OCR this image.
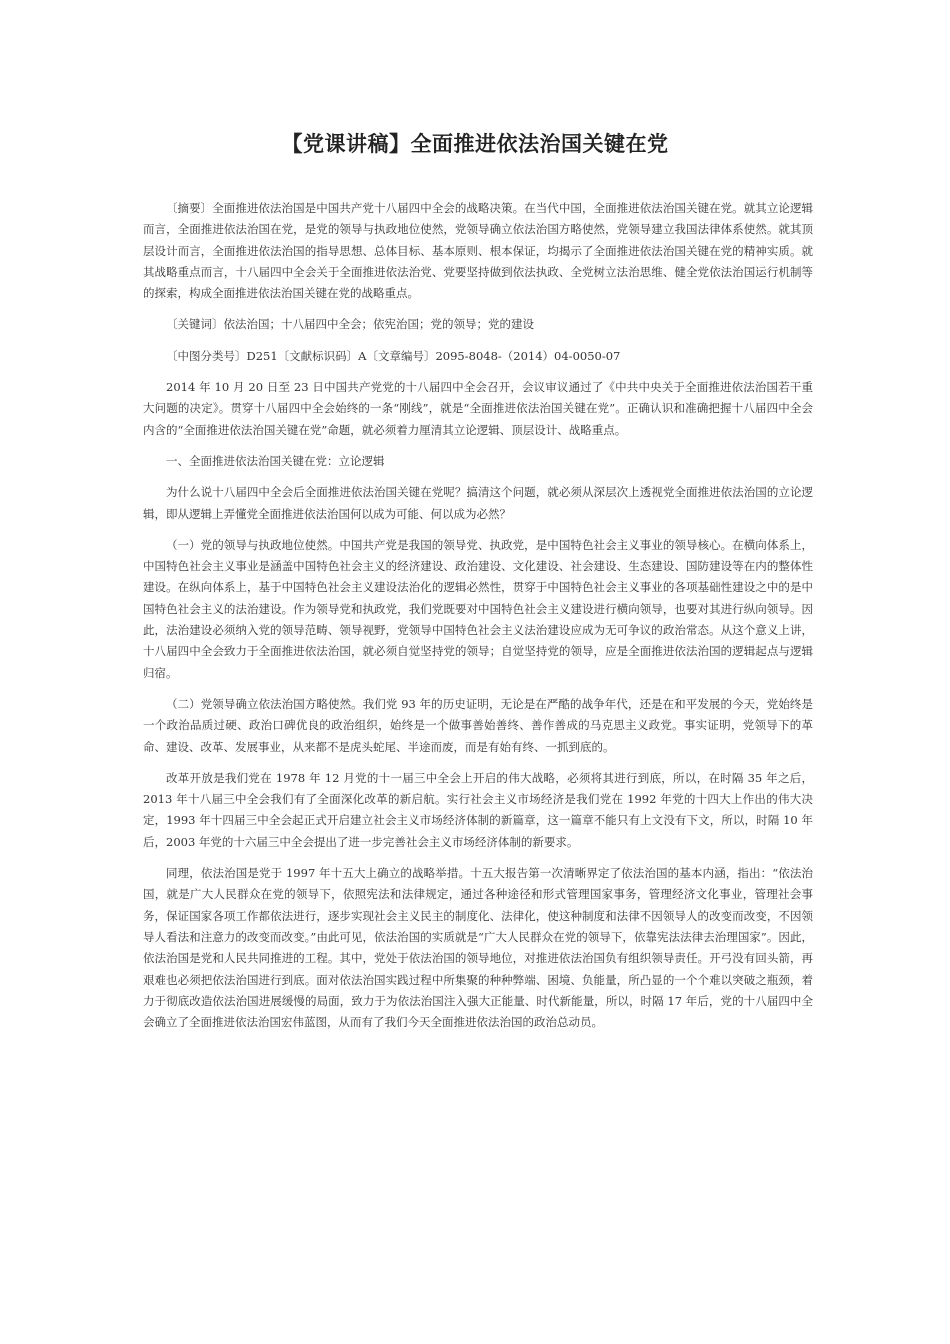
【党课讲稿】全面推进依法治国关键在党

〔摘要〕全面推进依法治国是中国共产党十八届四中全会的战略决策。在当代中国，全面推进依法治国关键在党。就其立论逻辑而言，全面推进依法治国在党，是党的领导与执政地位使然，党领导确立依法治国方略使然，党领导建立我国法律体系使然。就其顶层设计而言，全面推进依法治国的指导思想、总体目标、基本原则、根本保证，均揭示了全面推进依法治国关键在党的精神实质。就其战略重点而言，十八届四中全会关于全面推进依法治党、党要坚持做到依法执政、全党树立法治思维、健全党依法治国运行机制等的探索，构成全面推进依法治国关键在党的战略重点。

〔关键词〕依法治国；十八届四中全会；依宪治国；党的领导；党的建设

〔中图分类号〕D251〔文献标识码〕A〔文章编号〕2095-8048-（2014）04-0050-07

2014 年 10 月 20 日至 23 日中国共产党党的十八届四中全会召开，会议审议通过了《中共中央关于全面推进依法治国若干重大问题的决定》。贯穿十八届四中全会始终的一条“刚线”，就是“全面推进依法治国关键在党”。正确认识和准确把握十八届四中全会内含的“全面推进依法治国关键在党”命题，就必须着力厘清其立论逻辑、顶层设计、战略重点。

一、全面推进依法治国关键在党：立论逻辑

为什么说十八届四中全会后全面推进依法治国关键在党呢？搞清这个问题，就必须从深层次上透视党全面推进依法治国的立论逻辑，即从逻辑上弄懂党全面推进依法治国何以成为可能、何以成为必然？

（一）党的领导与执政地位使然。中国共产党是我国的领导党、执政党，是中国特色社会主义事业的领导核心。在横向体系上，中国特色社会主义事业是涵盖中国特色社会主义的经济建设、政治建设、文化建设、社会建设、生态建设、国防建设等在内的整体性建设。在纵向体系上，基于中国特色社会主义建设法治化的逻辑必然性，贯穿于中国特色社会主义事业的各项基础性建设之中的是中国特色社会主义的法治建设。作为领导党和执政党，我们党既要对中国特色社会主义建设进行横向领导，也要对其进行纵向领导。因此，法治建设必须纳入党的领导范畴、领导视野，党领导中国特色社会主义法治建设应成为无可争议的政治常态。从这个意义上讲，十八届四中全会致力于全面推进依法治国，就必须自觉坚持党的领导；自觉坚持党的领导，应是全面推进依法治国的逻辑起点与逻辑归宿。

（二）党领导确立依法治国方略使然。我们党 93 年的历史证明，无论是在严酷的战争年代，还是在和平发展的今天，党始终是一个政治品质过硬、政治口碑优良的政治组织，始终是一个做事善始善终、善作善成的马克思主义政党。事实证明，党领导下的革命、建设、改革、发展事业，从来都不是虎头蛇尾、半途而废，而是有始有终、一抓到底的。

改革开放是我们党在 1978 年 12 月党的十一届三中全会上开启的伟大战略，必须将其进行到底，所以，在时隔 35 年之后，2013 年十八届三中全会我们有了全面深化改革的新启航。实行社会主义市场经济是我们党在 1992 年党的十四大上作出的伟大决定，1993 年十四届三中全会起正式开启建立社会主义市场经济体制的新篇章，这一篇章不能只有上文没有下文，所以，时隔 10 年后，2003 年党的十六届三中全会提出了进一步完善社会主义市场经济体制的新要求。

同理，依法治国是党于 1997 年十五大上确立的战略举措。十五大报告第一次清晰界定了依法治国的基本内涵，指出：“依法治国，就是广大人民群众在党的领导下，依照宪法和法律规定，通过各种途径和形式管理国家事务，管理经济文化事业，管理社会事务，保证国家各项工作都依法进行，逐步实现社会主义民主的制度化、法律化，使这种制度和法律不因领导人的改变而改变，不因领导人看法和注意力的改变而改变。”由此可见，依法治国的实质就是“广大人民群众在党的领导下，依靠宪法法律去治理国家”。因此，依法治国是党和人民共同推进的工程。其中，党处于依法治国的领导地位，对推进依法治国负有组织领导责任。开弓没有回头箭，再艰难也必须把依法治国进行到底。面对依法治国实践过程中所集聚的种种弊端、困境、负能量，所凸显的一个个难以突破之瓶颈，着力于彻底改造依法治国进展缓慢的局面，致力于为依法治国注入强大正能量、时代新能量，所以，时隔 17 年后，党的十八届四中全会确立了全面推进依法治国宏伟蓝图，从而有了我们今天全面推进依法治国的政治总动员。
